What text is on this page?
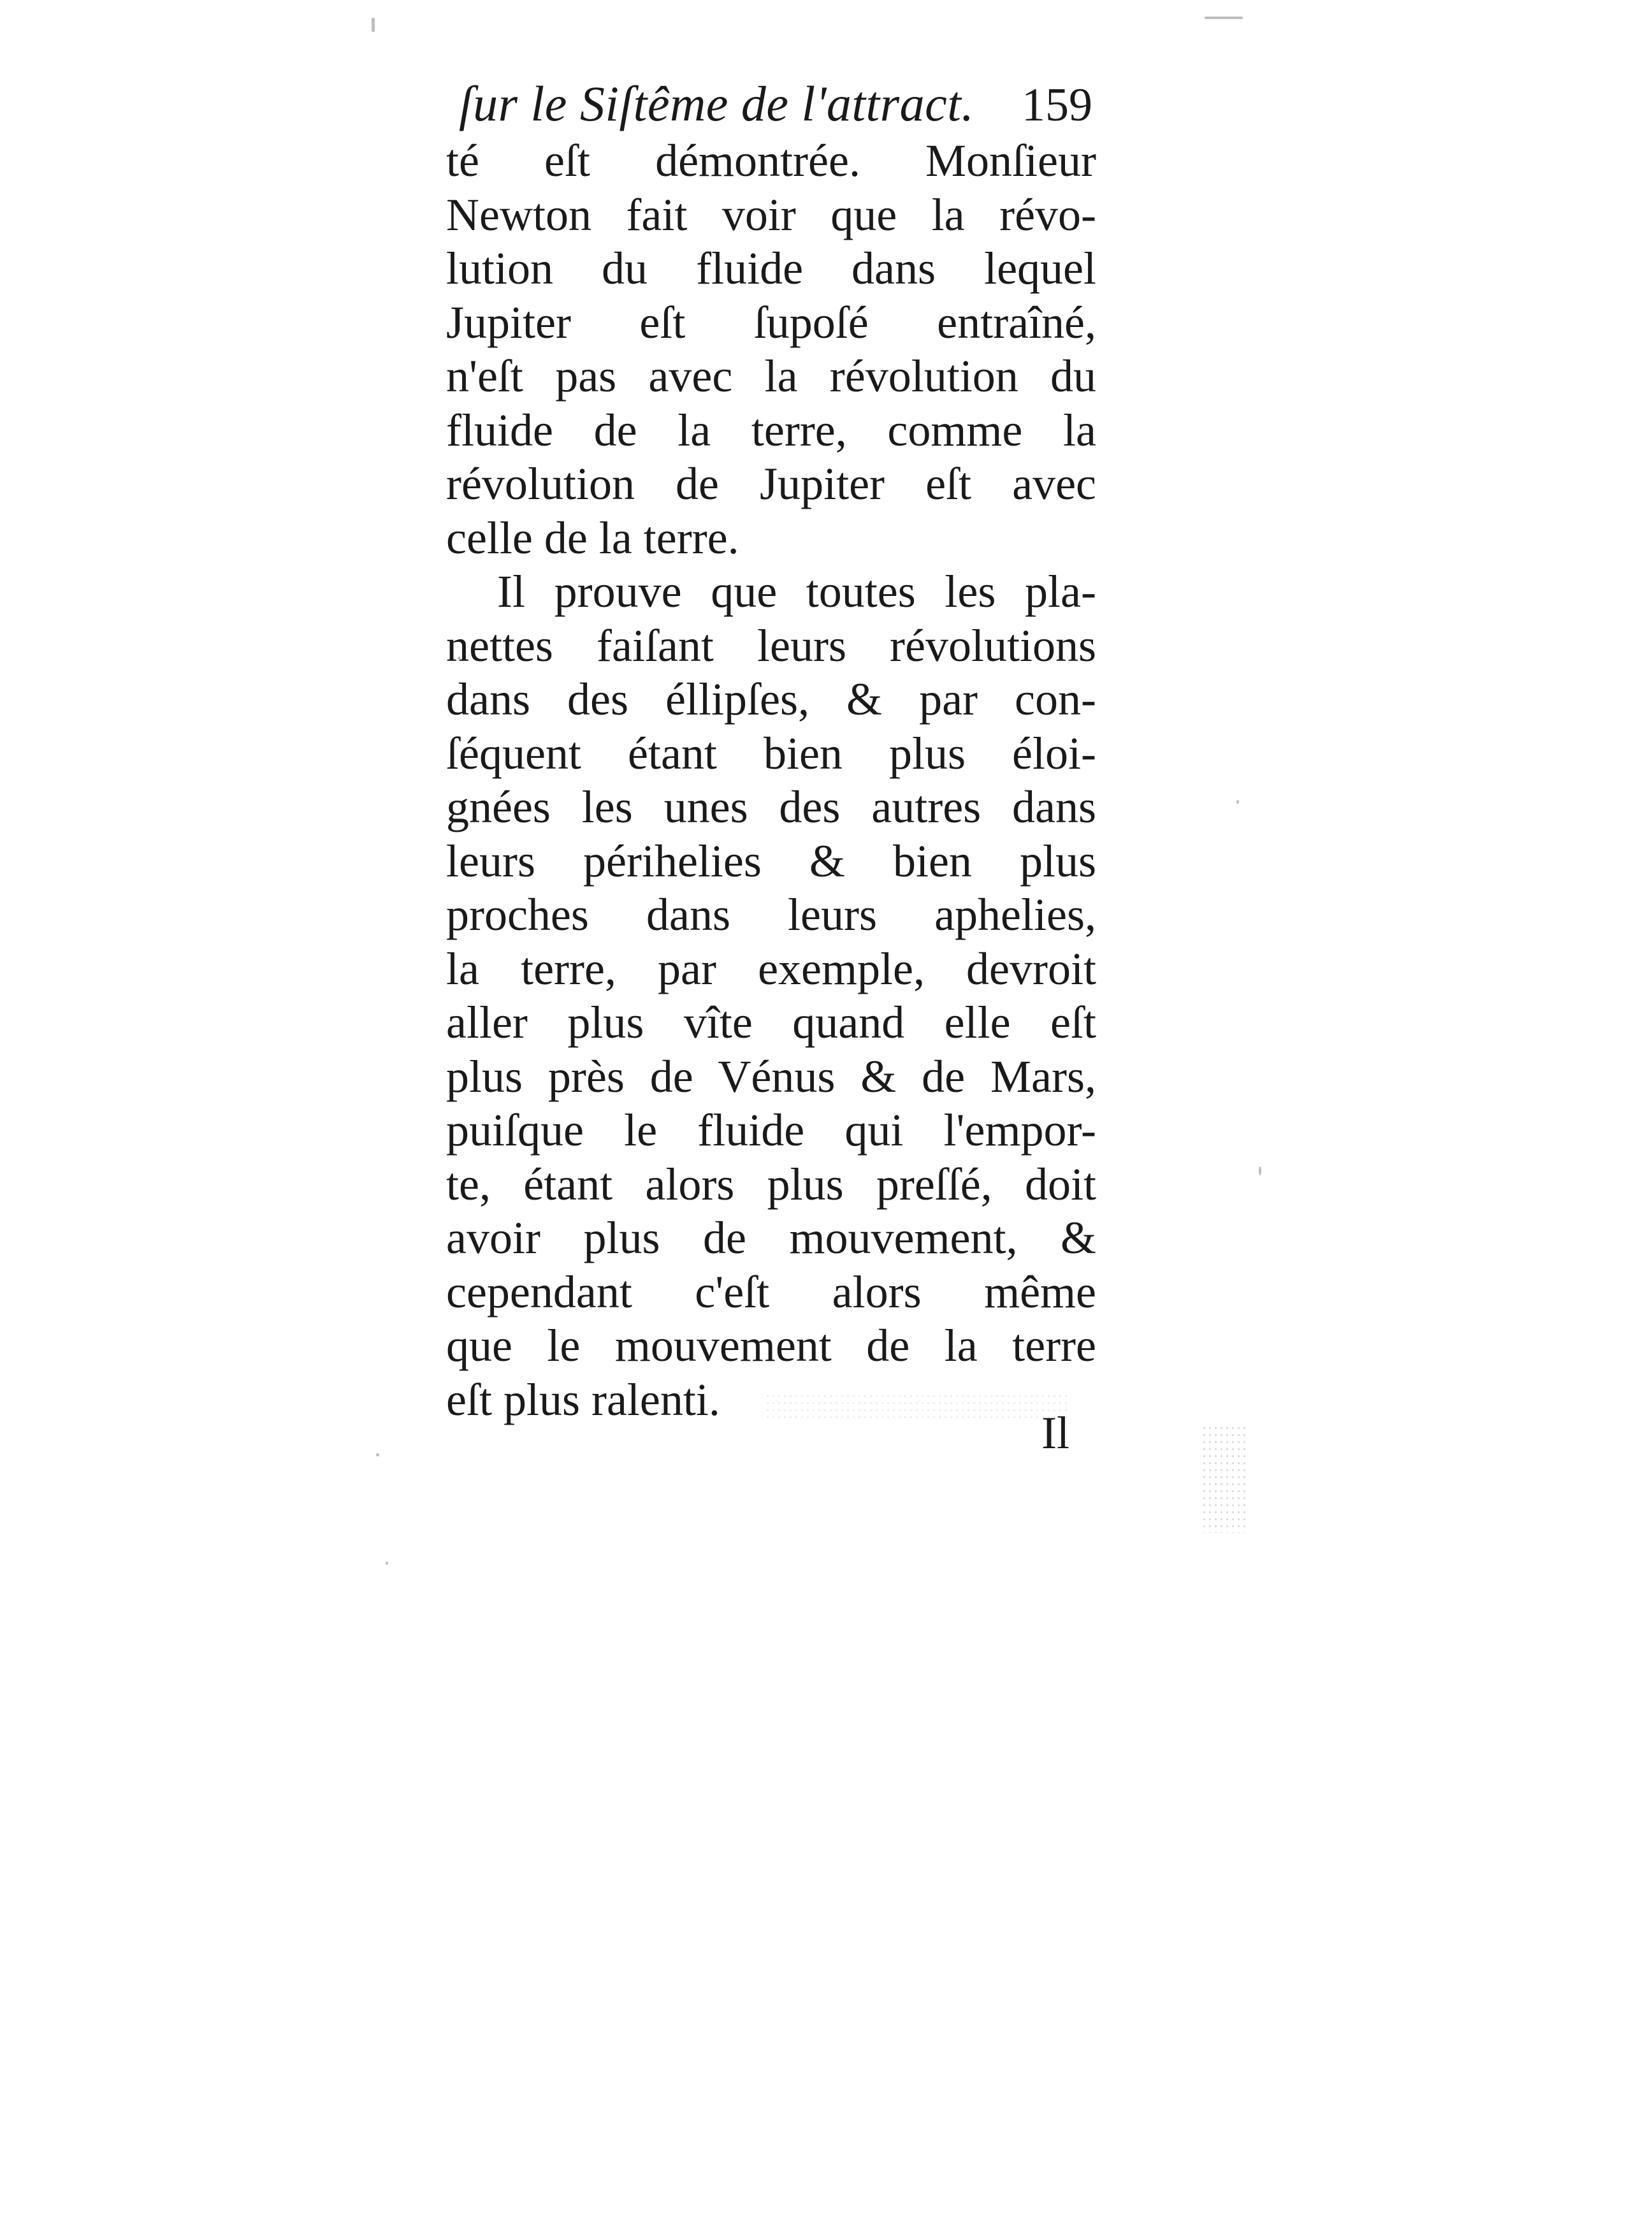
ſur le Siſtême de l'attract. 159
té eſt démontrée. Monſieur
Newton fait voir que la révo-
lution du fluide dans lequel
Jupiter eſt ſupoſé entraîné,
n'eſt pas avec la révolution du
fluide de la terre, comme la
révolution de Jupiter eſt avec
celle de la terre.
Il prouve que toutes les pla-
nettes faiſant leurs révolutions
dans des éllipſes, & par con-
ſéquent étant bien plus éloi-
gnées les unes des autres dans
leurs périhelies & bien plus
proches dans leurs aphelies,
la terre, par exemple, devroit
aller plus vîte quand elle eſt
plus près de Vénus & de Mars,
puiſque le fluide qui l'empor-
te, étant alors plus preſſé, doit
avoir plus de mouvement, &
cependant c'eſt alors même
que le mouvement de la terre
eſt plus ralenti.
Il
